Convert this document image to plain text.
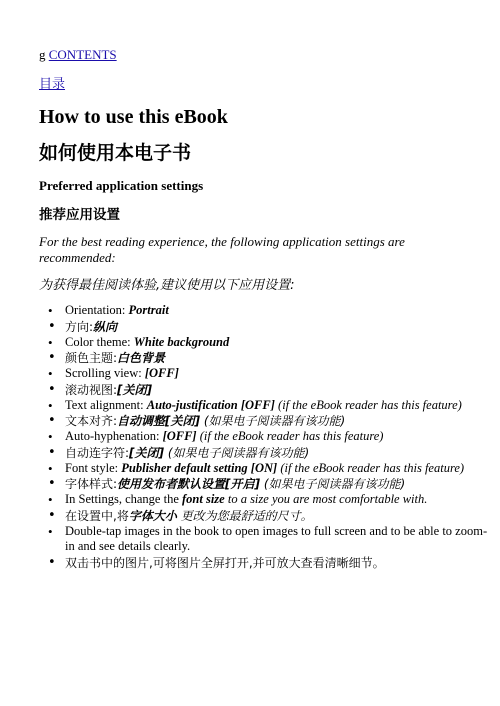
g CONTENTS
目录
How to use this eBook
如何使用本电子书
Preferred application settings
推荐应用设置
For the best reading experience, the following application settings are recommended:
为获得最佳阅读体验,建议使用以下应用设置:
• Orientation: Portrait
• 方向:纵向
• Color theme: White background
• 颜色主题:白色背景
• Scrolling view: [OFF]
• 滚动视图:[关闭]
• Text alignment: Auto-justification [OFF] (if the eBook reader has this feature)
• 文本对齐:自动调整[关闭] (如果电子阅读器有该功能)
• Auto-hyphenation: [OFF] (if the eBook reader has this feature)
• 自动连字符:[关闭] (如果电子阅读器有该功能)
• Font style: Publisher default setting [ON] (if the eBook reader has this feature)
• 字体样式:使用发布者默认设置[开启] (如果电子阅读器有该功能)
• In Settings, change the font size to a size you are most comfortable with.
• 在设置中,将字体大小 更改为您最舒适的尺寸。
• Double-tap images in the book to open images to full screen and to be able to zoom-in and see details clearly.
• 双击书中的图片,可将图片全屏打开,并可放大查看清晰细节。
